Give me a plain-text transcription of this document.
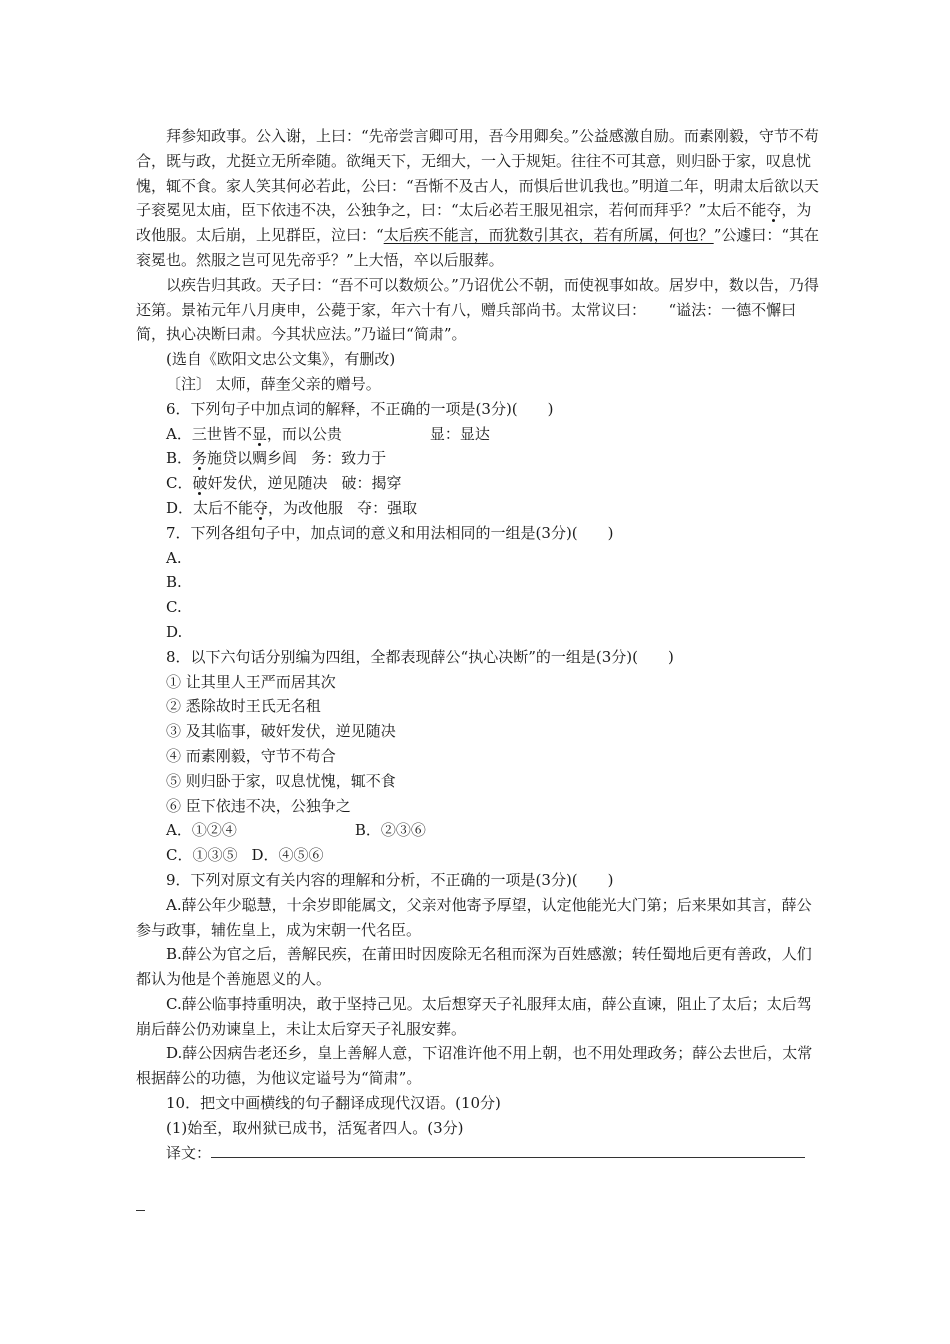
拜参知政事。公入谢，上曰：“先帝尝言卿可用，吾今用卿矣。”公益感激自励。而素刚毅，守节不苟合，既与政，尤挺立无所牵随。欲绳天下，无细大，一入于规矩。往往不可其意，则归卧于家，叹息忧愧，辄不食。家人笑其何必若此，公曰：“吾惭不及古人，而惧后世讥我也。”明道二年，明肃太后欲以天子衮冕见太庙，臣下依违不决，公独争之，曰：“太后必若王服见祖宗，若何而拜乎？”太后不能夺，为改他服。太后崩，上见群臣，泣曰：“太后疾不能言，而犹数引其衣，若有所属，何也？”公遽曰：“其在衮冕也。然服之岂可见先帝乎？”上大悟，卒以后服葬。

以疾告归其政。天子曰：“吾不可以数烦公。”乃诏优公不朝，而使视事如故。居岁中，数以告，乃得还第。景祐元年八月庚申，公薨于家，年六十有八，赠兵部尚书。太常议曰：　　“谥法：一德不懈曰简，执心决断曰肃。今其状应法。”乃谥曰“简肃”。

(选自《欧阳文忠公文集》，有删改)

〔注〕 太师，薛奎父亲的赠号。

6．下列句子中加点词的解释，不正确的一项是(3分)(　　)

A．三世皆不显，而以公贵	显：显达

B．务施贷以赒乡闾 务：致力于

C．破奸发伏，逆见随决 破：揭穿

D．太后不能夺，为改他服 夺：强取

7．下列各组句子中，加点词的意义和用法相同的一组是(3分)(　　)

A.

B.

C.

D.

8．以下六句话分别编为四组，全都表现薛公“执心决断”的一组是(3分)(　　)

① 让其里人王严而居其次

② 悉除故时王氏无名租

③ 及其临事，破奸发伏，逆见随决

④ 而素刚毅，守节不苟合

⑤ 则归卧于家，叹息忧愧，辄不食

⑥ 臣下依违不决，公独争之

A．①②④	B．②③⑥

C．①③⑤ D．④⑤⑥

9．下列对原文有关内容的理解和分析，不正确的一项是(3分)(　　)

A.薛公年少聪慧，十余岁即能属文，父亲对他寄予厚望，认定他能光大门第；后来果如其言，薛公参与政事，辅佐皇上，成为宋朝一代名臣。

B.薛公为官之后，善解民疾，在莆田时因废除无名租而深为百姓感激；转任蜀地后更有善政，人们都认为他是个善施恩义的人。

C.薛公临事持重明决，敢于坚持己见。太后想穿天子礼服拜太庙，薛公直谏，阻止了太后；太后驾崩后薛公仍劝谏皇上，未让太后穿天子礼服安葬。

D.薛公因病告老还乡，皇上善解人意，下诏准许他不用上朝，也不用处理政务；薛公去世后，太常根据薛公的功德，为他议定谥号为“简肃”。

10．把文中画横线的句子翻译成现代汉语。(10分)

(1)始至，取州狱已成书，活冤者四人。(3分)

译文：
